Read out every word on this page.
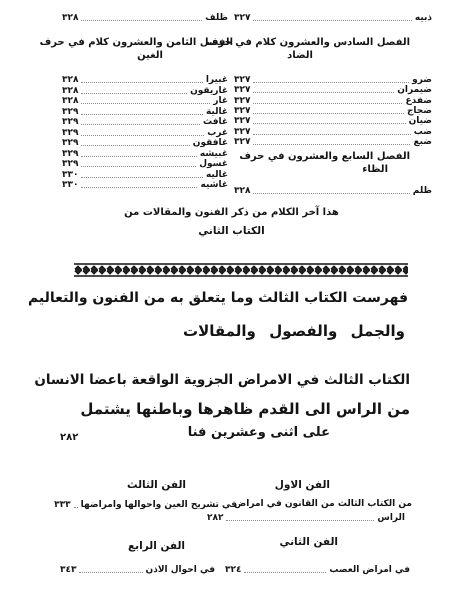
ذبيه
٣٢٧
ظلف
٣٢٨
الفصل السادس والعشرون كلام في حرف
الضاد
الفصل الثامن والعشرون كلام في حرف
الغين
ضرو
٣٢٧
ضيمران
٣٢٧
ضفدع
٣٢٧
ضجاج
٣٢٧
ضيان
٣٢٧
ضب
٣٢٧
ضبع
٣٢٧
غبيرا
٣٢٨
غاريقون
٣٢٨
غار
٣٢٨
غالية
٣٢٩
غافث
٣٢٩
غرب
٣٢٩
غافقون
٣٢٩
غبيشه
٣٢٩
غسول
٣٢٩
غاليه
٣٣٠
غاشيه
٣٣٠
الفصل السابع والعشرون في حرف
الظاء
ظلم
٣٢٨
هذا آخر الكلام من ذكر الفنون والمقالات من
الكتاب الثاني
فهرست الكتاب الثالث وما يتعلق به من الفنون والتعاليم
والجمل والفصول والمقالات
الكتاب الثالث في الامراض الجزوية الواقعة باعضا الانسان
من الراس الى القدم ظاهرها وباطنها يشتمل
على اثنى وعشرين فنا
٢٨٢
الفن الاول
الفن الثالث
من الكتاب الثالث من القانون في امراض
في تشريح العين واحوالها وامراضها
٣٣٣
الراس
٢٨٢
الفن الثاني
الفن الرابع
في امراض العصب
٣٢٤
في احوال الاذن
٣٤٣
